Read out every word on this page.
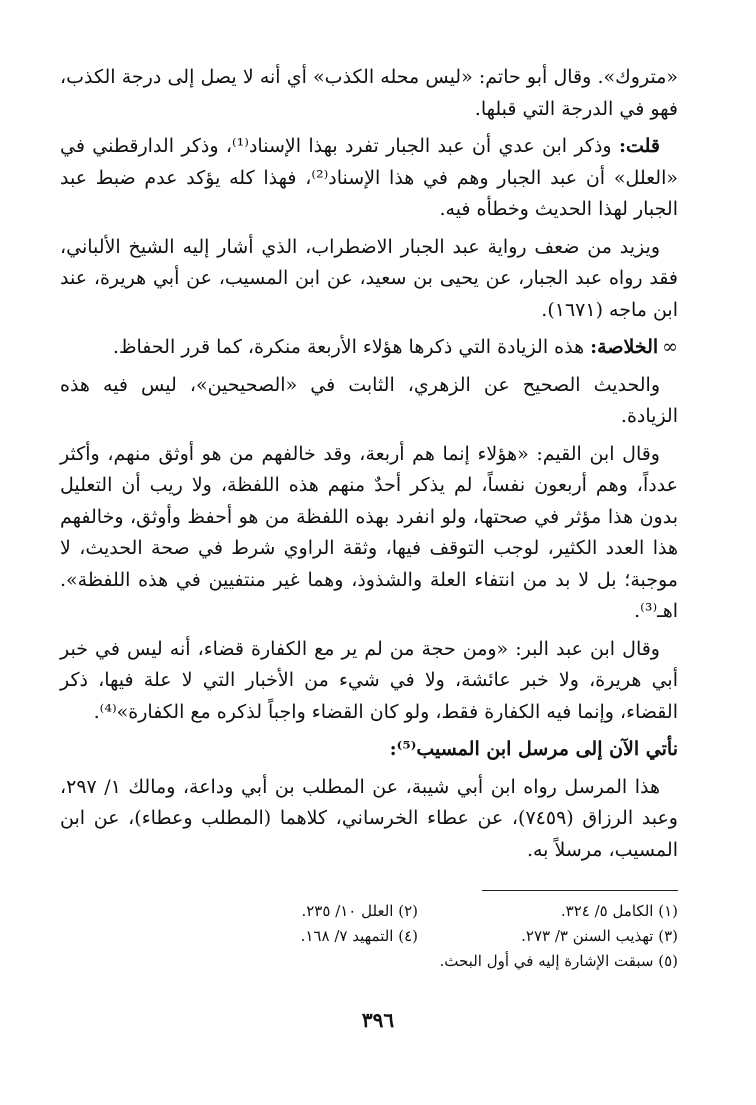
«متروك». وقال أبو حاتم: «ليس محله الكذب» أي أنه لا يصل إلى درجة الكذب، فهو في الدرجة التي قبلها.

قلت: وذكر ابن عدي أن عبد الجبار تفرد بهذا الإسناد⁽¹⁾، وذكر الدارقطني في «العلل» أن عبد الجبار وهم في هذا الإسناد⁽²⁾، فهذا كله يؤكد عدم ضبط عبد الجبار لهذا الحديث وخطأه فيه.

ويزيد من ضعف رواية عبد الجبار الاضطراب، الذي أشار إليه الشيخ الألباني، فقد رواه عبد الجبار، عن يحيى بن سعيد، عن ابن المسيب، عن أبي هريرة، عند ابن ماجه (١٦٧١).

∞الخلاصة: هذه الزيادة التي ذكرها هؤلاء الأربعة منكرة، كما قرر الحفاظ.

والحديث الصحيح عن الزهري، الثابت في «الصحيحين»، ليس فيه هذه الزيادة.

وقال ابن القيم: «هؤلاء إنما هم أربعة، وقد خالفهم من هو أوثق منهم، وأكثر عدداً، وهم أربعون نفساً، لم يذكر أحدٌ منهم هذه اللفظة، ولا ريب أن التعليل بدون هذا مؤثر في صحتها، ولو انفرد بهذه اللفظة من هو أحفظ وأوثق، وخالفهم هذا العدد الكثير، لوجب التوقف فيها، وثقة الراوي شرط في صحة الحديث، لا موجبة؛ بل لا بد من انتفاء العلة والشذوذ، وهما غير منتفيين في هذه اللفظة». اهـ⁽³⁾.

وقال ابن عبد البر: «ومن حجة من لم ير مع الكفارة قضاء، أنه ليس في خبر أبي هريرة، ولا خبر عائشة، ولا في شيء من الأخبار التي لا علة فيها، ذكر القضاء، وإنما فيه الكفارة فقط، ولو كان القضاء واجباً لذكره مع الكفارة»⁽⁴⁾.

نأتي الآن إلى مرسل ابن المسيب⁽⁵⁾:

هذا المرسل رواه ابن أبي شيبة، عن المطلب بن أبي وداعة، ومالك ١/ ٢٩٧، وعبد الرزاق (٧٤٥٩)، عن عطاء الخرساني، كلاهما (المطلب وعطاء)، عن ابن المسيب، مرسلاً به.

(١) الكامل ٥/ ٣٢٤.
(٢) العلل ١٠/ ٢٣٥.
(٣) تهذيب السنن ٣/ ٢٧٣.
(٤) التمهيد ٧/ ١٦٨.
(٥) سبقت الإشارة إليه في أول البحث.
٣٩٦
